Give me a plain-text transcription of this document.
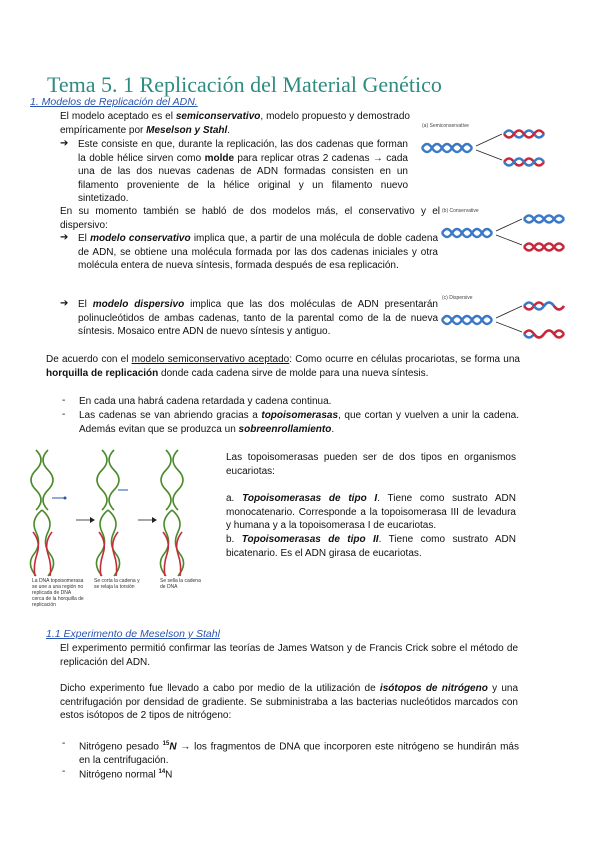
Tema 5. 1 Replicación del Material Genético
1. Modelos de Replicación del ADN.
El modelo aceptado es el semiconservativo, modelo propuesto y demostrado empíricamente por Meselson y Stahl.
➔ Este consiste en que, durante la replicación, las dos cadenas que forman la doble hélice sirven como molde para replicar otras 2 cadenas → cada una de las dos nuevas cadenas de ADN formadas consisten en un filamento proveniente de la hélice original y un filamento nuevo sintetizado.
En su momento también se habló de dos modelos más, el conservativo y el dispersivo:
➔ El modelo conservativo implica que, a partir de una molécula de doble cadena de ADN, se obtiene una molécula formada por las dos cadenas iniciales y otra molécula entera de nueva síntesis, formada después de esa replicación.
➔ El modelo dispersivo implica que las dos moléculas de ADN presentarán polinucleótidos de ambas cadenas, tanto de la parental como de la de nueva síntesis. Mosaico entre ADN de nuevo síntesis y antiguo.
(a) Semiconservative
(b) Conservative
(c) Dispersive
De acuerdo con el modelo semiconservativo aceptado: Como ocurre en células procariotas, se forma una horquilla de replicación donde cada cadena sirve de molde para una nueva síntesis.
- En cada una habrá cadena retardada y cadena continua.
- Las cadenas se van abriendo gracias a topoisomerasas, que cortan y vuelven a unir la cadena. Además evitan que se produzca un sobreenrollamiento.
La DNA topoisomerasa se une a una región no replicada de DNA cerca de la horquilla de replicación
Se corta la cadena y se relaja la torsión
Se sella la cadena de DNA
Las topoisomerasas pueden ser de dos tipos en organismos eucariotas:
a. Topoisomerasas de tipo I. Tiene como sustrato ADN monocatenario. Corresponde a la topoisomerasa III de levadura y humana y a la topoisomerasa I de eucariotas.
b. Topoisomerasas de tipo II. Tiene como sustrato ADN bicatenario. Es el ADN girasa de eucariotas.
1.1 Experimento de Meselson y Stahl
El experimento permitió confirmar las teorías de James Watson y de Francis Crick sobre el método de replicación del ADN.
Dicho experimento fue llevado a cabo por medio de la utilización de isótopos de nitrógeno y una centrifugación por densidad de gradiente. Se subministraba a las bacterias nucleótidos marcados con estos isótopos de 2 tipos de nitrógeno:
- Nitrógeno pesado $^{15}$N → los fragmentos de DNA que incorporen este nitrógeno se hundirán más en la centrifugación.
- Nitrógeno normal $^{14}$N
